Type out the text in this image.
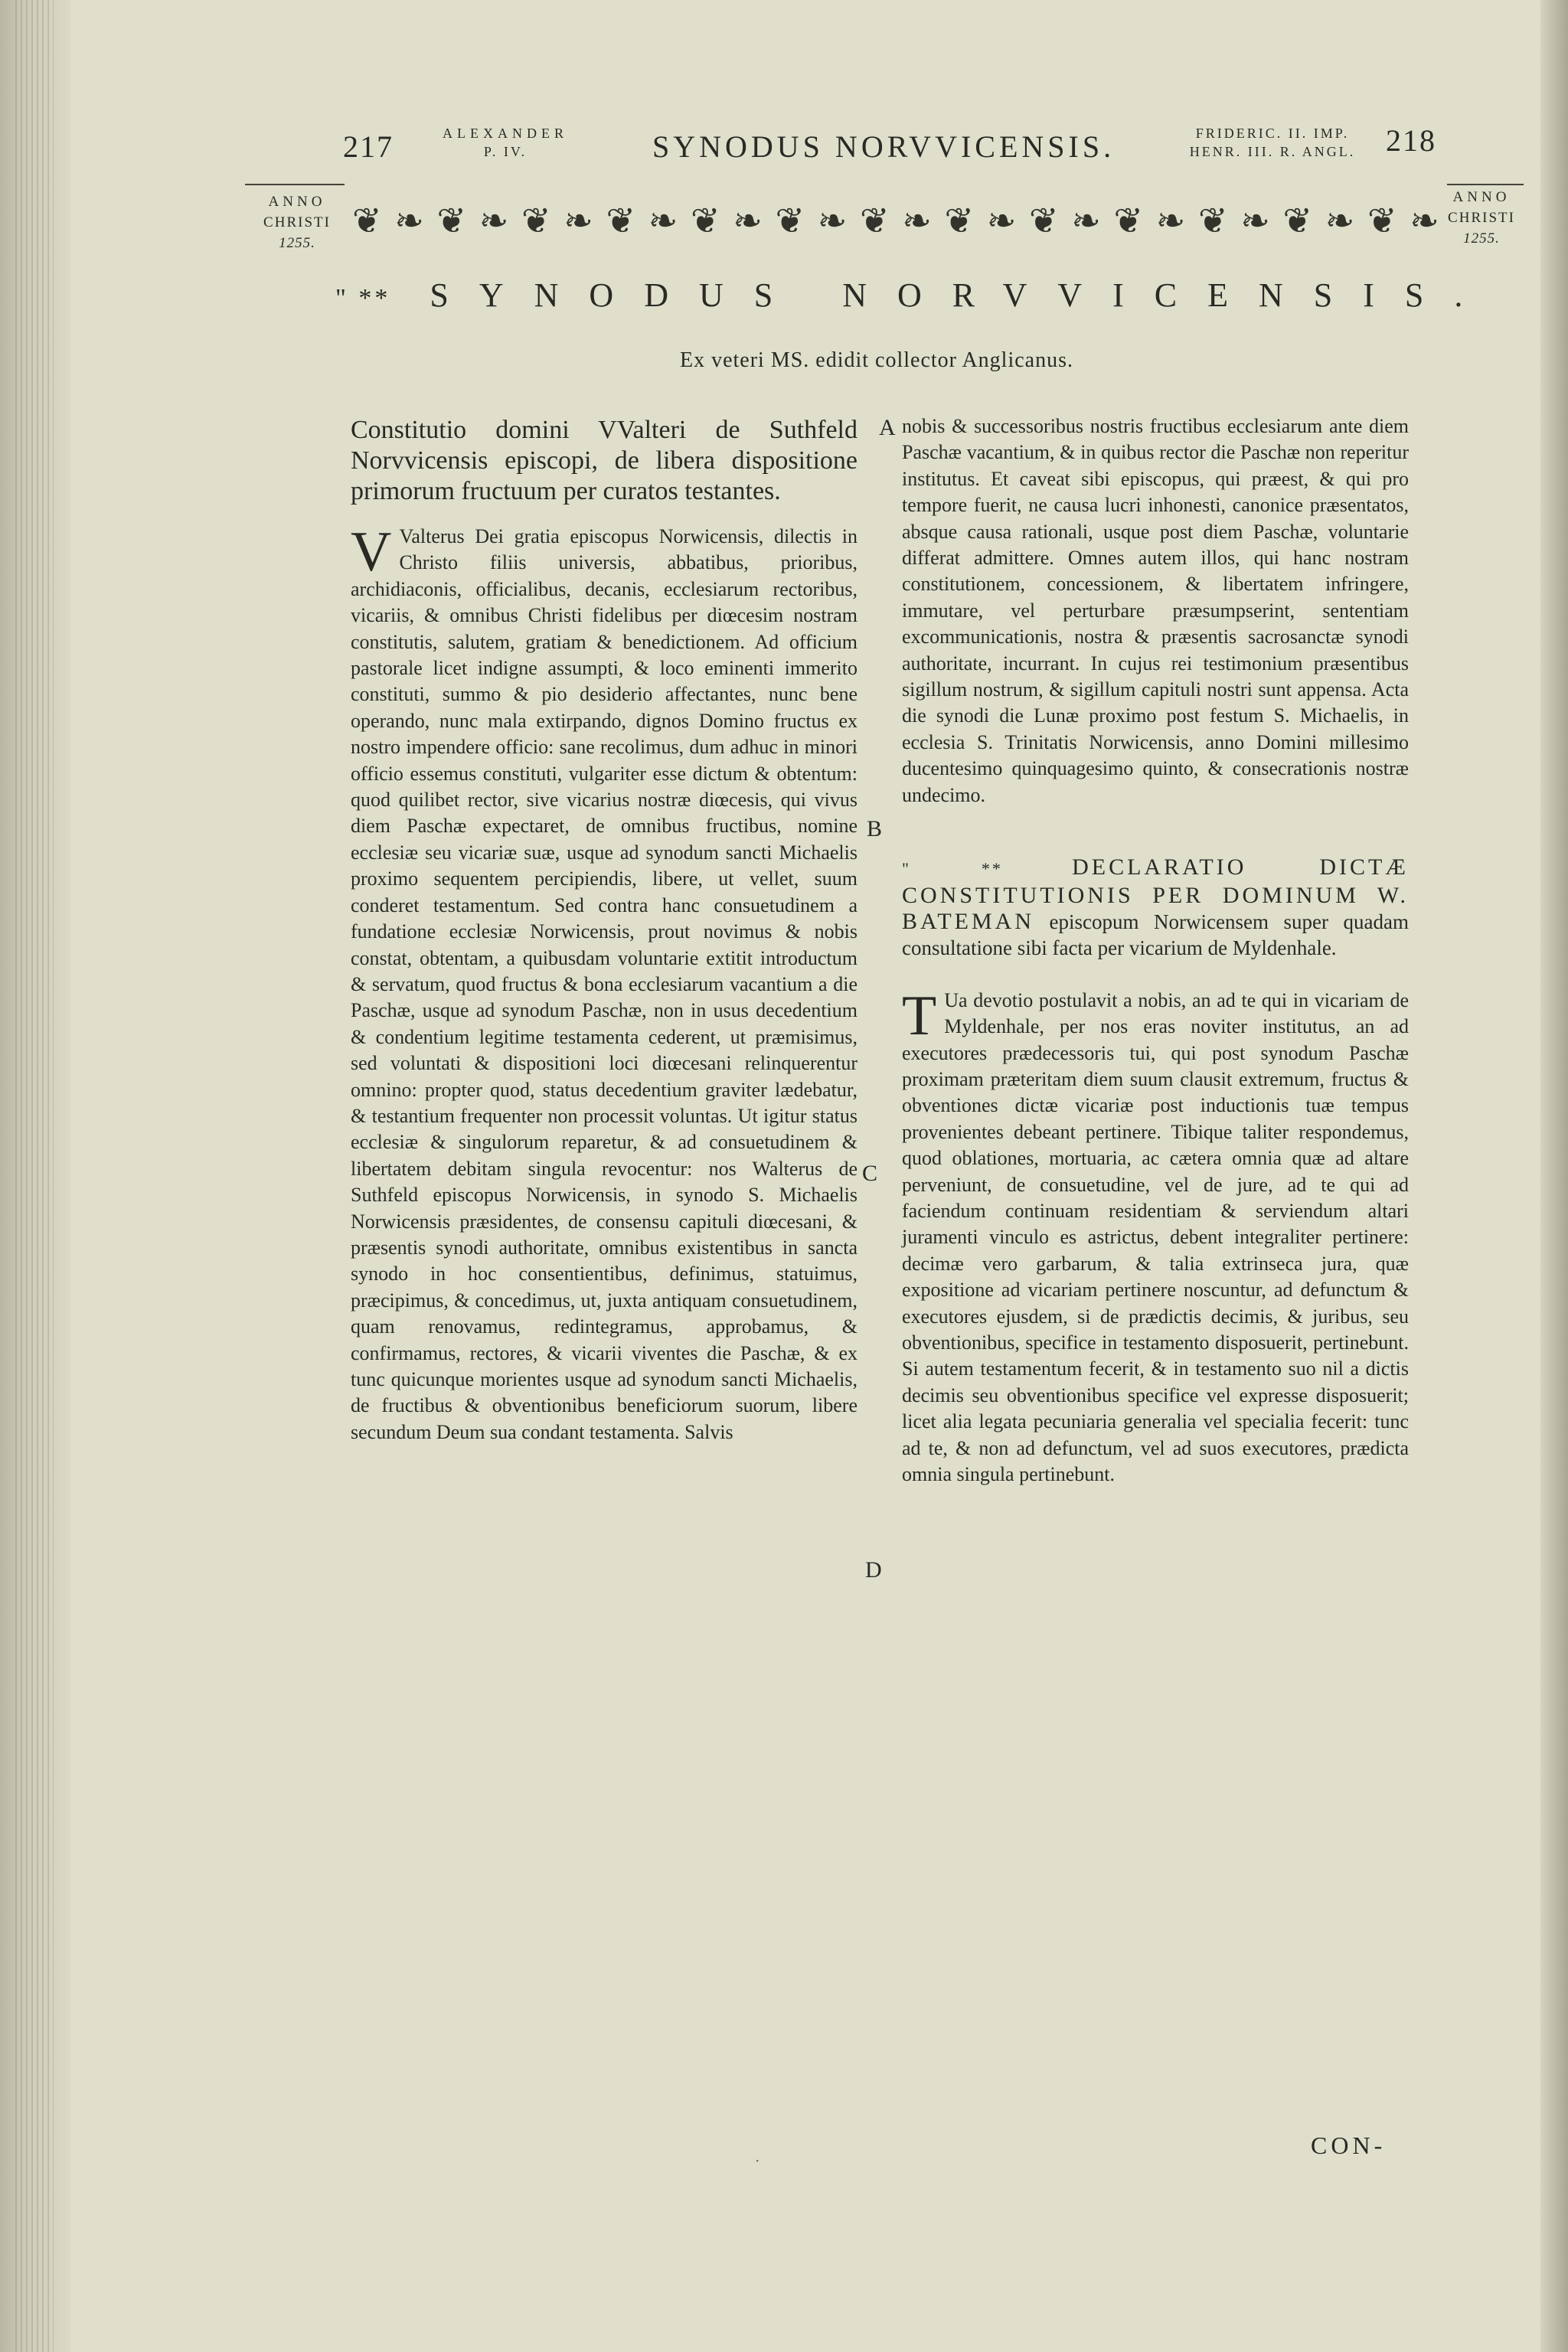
217	ALEXANDER
P. IV.	SYNODUS NORVVICENSIS.	FRIDERIC. II. IMP.
HENR. III. R. ANGL. 218
ANNO
CHRISTI
1255.
ANNO
CHRISTI
1255.
❦ ❧ ❦ ❧ ❦ ❧ ❦ ❧ ❦ ❧ ❦ ❧ ❦ ❧ ❦ ❧ ❦ ❧ ❦ ❧ ❦ ❧ ❦ ❧ ❦ ❧
" ** SYNODUS NORVVICENSIS.
Ex veteri MS. edidit collector Anglicanus.
Constitutio domini VValteri de Suthfeld Norvvicensis episcopi, de libera dispositione primorum fructuum per curatos testantes.
V Valterus Dei gratia episcopus Norwicensis, dilectis in Christo filiis universis, abbatibus, prioribus, archidiaconis, officialibus, decanis, ecclesiarum rectoribus, vicariis, & omnibus Christi fidelibus per diœcesim nostram constitutis, salutem, gratiam & benedictionem. Ad officium pastorale licet indigne assumpti, & loco eminenti immerito constituti, summo & pio desiderio affectantes, nunc bene operando, nunc mala extirpando, dignos Domino fructus ex nostro impendere officio: sane recolimus, dum adhuc in minori officio essemus constituti, vulgariter esse dictum & obtentum: quod quilibet rector, sive vicarius nostræ diœcesis, qui vivus diem Paschæ expectaret, de omnibus fructibus, nomine ecclesiæ seu vicariæ suæ, usque ad synodum sancti Michaelis proximo sequentem percipiendis, libere, ut vellet, suum conderet testamentum. Sed contra hanc consuetudinem a fundatione ecclesiæ Norwicensis, prout novimus & nobis constat, obtentam, a quibusdam voluntarie extitit introductum & servatum, quod fructus & bona ecclesiarum vacantium a die Paschæ, usque ad synodum Paschæ, non in usus decedentium & condentium legitime testamenta cederent, ut præmisimus, sed voluntati & dispositioni loci diœcesani relinquerentur omnino: propter quod, status decedentium graviter lædebatur, & testantium frequenter non processit voluntas. Ut igitur status ecclesiæ & singulorum reparetur, & ad consuetudinem & libertatem debitam singula revocentur: nos Walterus de Suthfeld episcopus Norwicensis, in synodo S. Michaelis Norwicensis præsidentes, de consensu capituli diœcesani, & præsentis synodi authoritate, omnibus existentibus in sancta synodo in hoc consentientibus, definimus, statuimus, præcipimus, & concedimus, ut, juxta antiquam consuetudinem, quam renovamus, redintegramus, approbamus, & confirmamus, rectores, & vicarii viventes die Paschæ, & ex tunc quicunque morientes usque ad synodum sancti Michaelis, de fructibus & obventionibus beneficiorum suorum, libere secundum Deum sua condant testamenta. Salvis
A
B
C
D

nobis & successoribus nostris fructibus ecclesiarum ante diem Paschæ vacantium, & in quibus rector die Paschæ non reperitur institutus. Et caveat sibi episcopus, qui præest, & qui pro tempore fuerit, ne causa lucri inhonesti, canonice præsentatos, absque causa rationali, usque post diem Paschæ, voluntarie differat admittere. Omnes autem illos, qui hanc nostram constitutionem, concessionem, & libertatem infringere, immutare, vel perturbare præsumpserint, sententiam excommunicationis, nostra & præsentis sacrosanctæ synodi authoritate, incurrant. In cujus rei testimonium præsentibus sigillum nostrum, & sigillum capituli nostri sunt appensa. Acta die synodi die Lunæ proximo post festum S. Michaelis, in ecclesia S. Trinitatis Norwicensis, anno Domini millesimo ducentesimo quinquagesimo quinto, & consecrationis nostræ undecimo.

" **	DECLARATIO DICTÆ CONSTITUTIONIS PER DOMINUM W. BATEMAN episcopum Norwicensem super quadam consultatione sibi facta per vicarium de Myldenhale.
T Ua devotio postulavit a nobis, an ad te qui in vicariam de Myldenhale, per nos eras noviter institutus, an ad executores prædecessoris tui, qui post synodum Paschæ proximam præteritam diem suum clausit extremum, fructus & obventiones dictæ vicariæ post inductionis tuæ tempus provenientes debeant pertinere. Tibique taliter respondemus, quod oblationes, mortuaria, ac cætera omnia quæ ad altare perveniunt, de consuetudine, vel de jure, ad te qui ad faciendum continuam residentiam & serviendum altari juramenti vinculo es astrictus, debent integraliter pertinere: decimæ vero garbarum, & talia extrinseca jura, quæ expositione ad vicariam pertinere noscuntur, ad defunctum & executores ejusdem, si de prædictis decimis, & juribus, seu obventionibus, specifice in testamento disposuerit, pertinebunt. Si autem testamentum fecerit, & in testamento suo nil a dictis decimis seu obventionibus specifice vel expresse disposuerit; licet alia legata pecuniaria generalia vel specialia fecerit: tunc ad te, & non ad defunctum, vel ad suos executores, prædicta omnia singula pertinebunt.
CON-
·
